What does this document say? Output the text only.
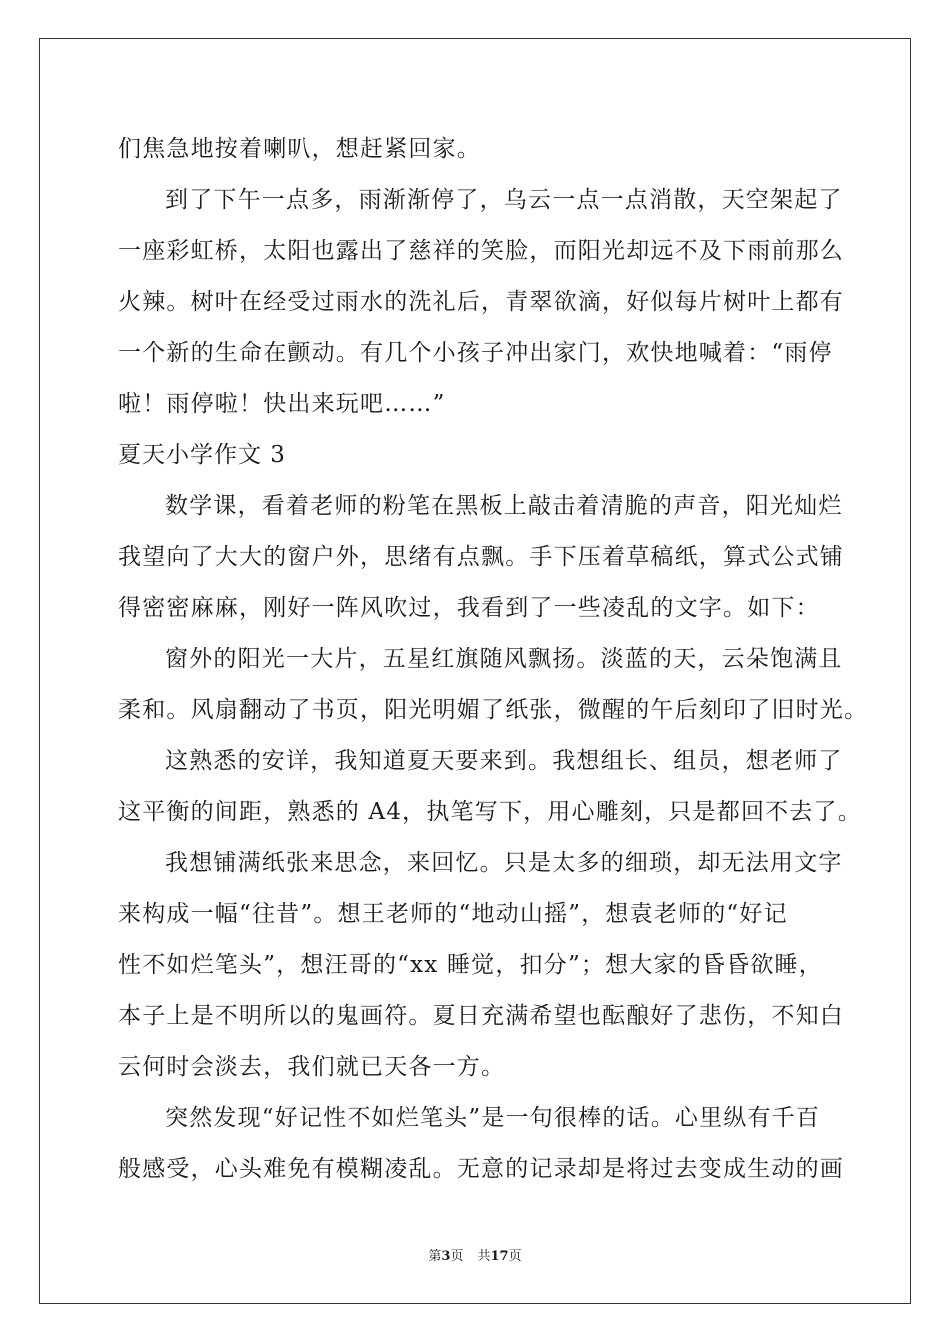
们焦急地按着喇叭，想赶紧回家。
到了下午一点多，雨渐渐停了，乌云一点一点消散，天空架起了
一座彩虹桥，太阳也露出了慈祥的笑脸，而阳光却远不及下雨前那么
火辣。树叶在经受过雨水的洗礼后，青翠欲滴，好似每片树叶上都有
一个新的生命在颤动。有几个小孩子冲出家门，欢快地喊着：“雨停
啦！雨停啦！快出来玩吧……”
夏天小学作文 3
数学课，看着老师的粉笔在黑板上敲击着清脆的声音，阳光灿烂
我望向了大大的窗户外，思绪有点飘。手下压着草稿纸，算式公式铺
得密密麻麻，刚好一阵风吹过，我看到了一些凌乱的文字。如下：
窗外的阳光一大片，五星红旗随风飘扬。淡蓝的天，云朵饱满且
柔和。风扇翻动了书页，阳光明媚了纸张，微醒的午后刻印了旧时光。
这熟悉的安详，我知道夏天要来到。我想组长、组员，想老师了
这平衡的间距，熟悉的 A4，执笔写下，用心雕刻，只是都回不去了。
我想铺满纸张来思念，来回忆。只是太多的细琐，却无法用文字
来构成一幅“往昔”。想王老师的“地动山摇”，想袁老师的“好记
性不如烂笔头”，想汪哥的“xx 睡觉，扣分”；想大家的昏昏欲睡，
本子上是不明所以的鬼画符。夏日充满希望也酝酿好了悲伤，不知白
云何时会淡去，我们就已天各一方。
突然发现“好记性不如烂笔头”是一句很棒的话。心里纵有千百
般感受，心头难免有模糊凌乱。无意的记录却是将过去变成生动的画
第3页 共17页
